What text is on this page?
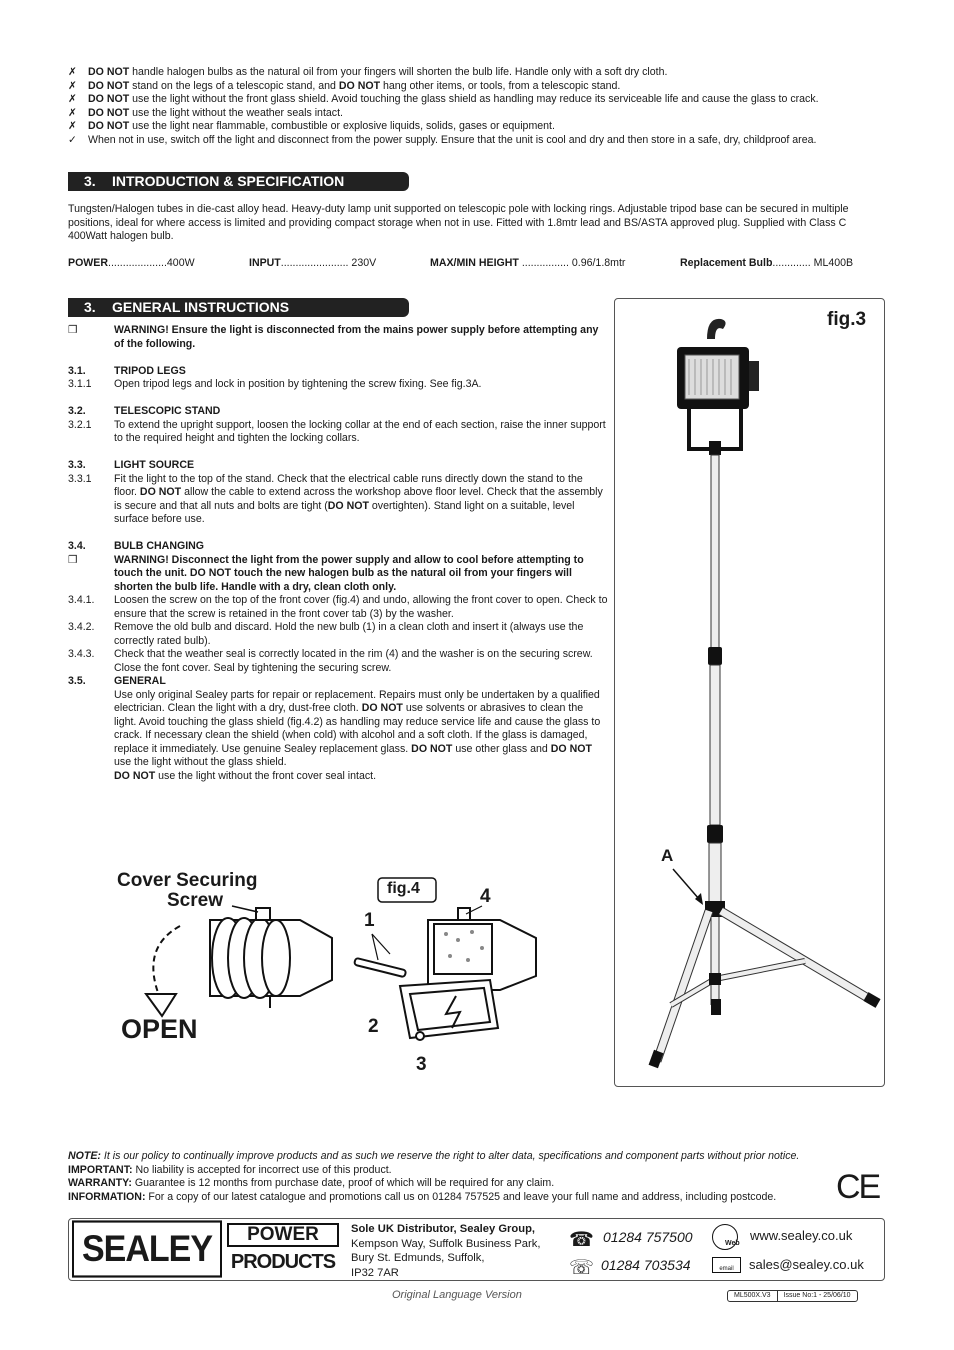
✗	DO NOT handle halogen bulbs as the natural oil from your fingers will shorten the bulb life. Handle only with a soft dry cloth.
✗	DO NOT stand on the legs of a telescopic stand, and DO NOT hang other items, or tools, from a telescopic stand.
✗	DO NOT use the light without the front glass shield. Avoid touching the glass shield as handling may reduce its serviceable life and cause the glass to crack.
✗	DO NOT use the light without the weather seals intact.
✗	DO NOT use the light near flammable, combustible or explosive liquids, solids, gases or equipment.
✓	When not in use, switch off the light and disconnect from the power supply. Ensure that the unit is cool and dry and then store in a safe, dry, childproof area.
3. INTRODUCTION & SPECIFICATION
Tungsten/Halogen tubes in die-cast alloy head. Heavy-duty lamp unit supported on telescopic pole with locking rings. Adjustable tripod base can be secured in multiple positions, ideal for where access is limited and providing compact storage when not in use. Fitted with 1.8mtr lead and BS/ASTA approved plug. Supplied with Class C 400Watt halogen bulb.
POWER....................400W	INPUT....................... 230V	MAX/MIN HEIGHT ................ 0.96/1.8mtr	Replacement Bulb............. ML400B
3. GENERAL INSTRUCTIONS
❒	WARNING! Ensure the light is disconnected from the mains power supply before attempting any of the following.
3.1.	TRIPOD LEGS
3.1.1	Open tripod legs and lock in position by tightening the screw fixing. See fig.3A.
3.2.	TELESCOPIC STAND
3.2.1	To extend the upright support, loosen the locking collar at the end of each section, raise the inner support to the required height and tighten the locking collars.
3.3.	LIGHT SOURCE
3.3.1	Fit the light to the top of the stand. Check that the electrical cable runs directly down the stand to the floor. DO NOT allow the cable to extend across the workshop above floor level. Check that the assembly is secure and that all nuts and bolts are tight (DO NOT overtighten). Stand light on a suitable, level surface before use.
3.4.	BULB CHANGING
❒	WARNING! Disconnect the light from the power supply and allow to cool before attempting to touch the unit. DO NOT touch the new halogen bulb as the natural oil from your fingers will shorten the bulb life. Handle with a dry, clean cloth only.
3.4.1.	Loosen the screw on the top of the front cover (fig.4) and undo, allowing the front cover to open. Check to ensure that the screw is retained in the front cover tab (3) by the washer.
3.4.2.	Remove the old bulb and discard. Hold the new bulb (1) in a clean cloth and insert it (always use the correctly rated bulb).
3.4.3.	Check that the weather seal is correctly located in the rim (4) and the washer is on the securing screw. Close the font cover. Seal by tightening the securing screw.
3.5.	GENERAL
Use only original Sealey parts for repair or replacement. Repairs must only be undertaken by a qualified electrician. Clean the light with a dry, dust-free cloth. DO NOT use solvents or abrasives to clean the light. Avoid touching the glass shield (fig.4.2) as handling may reduce service life and cause the glass to crack. If necessary clean the shield (when cold) with alcohol and a soft cloth. If the glass is damaged, replace it immediately. Use genuine Sealey replacement glass. DO NOT use other glass and DO NOT use the light without the glass shield.
DO NOT use the light without the front cover seal intact.
fig.3
A
Cover Securing
Screw
OPEN
fig.4	4
1
2
3
NOTE: It is our policy to continually improve products and as such we reserve the right to alter data, specifications and component parts without prior notice.
IMPORTANT: No liability is accepted for incorrect use of this product.
WARRANTY: Guarantee is 12 months from purchase date, proof of which will be required for any claim.
INFORMATION: For a copy of our latest catalogue and promotions call us on 01284 757525 and leave your full name and address, including postcode.	CE
SEALEY	POWER
PRODUCTS
Sole UK Distributor, Sealey Group,
Kempson Way, Suffolk Business Park,
Bury St. Edmunds, Suffolk,
IP32 7AR
☎ 01284 757500
☏ 01284 703534
Web
www.sealey.co.uk
email	sales@sealey.co.uk
Original Language Version	ML500X.V3	Issue No:1 - 25/06/10
